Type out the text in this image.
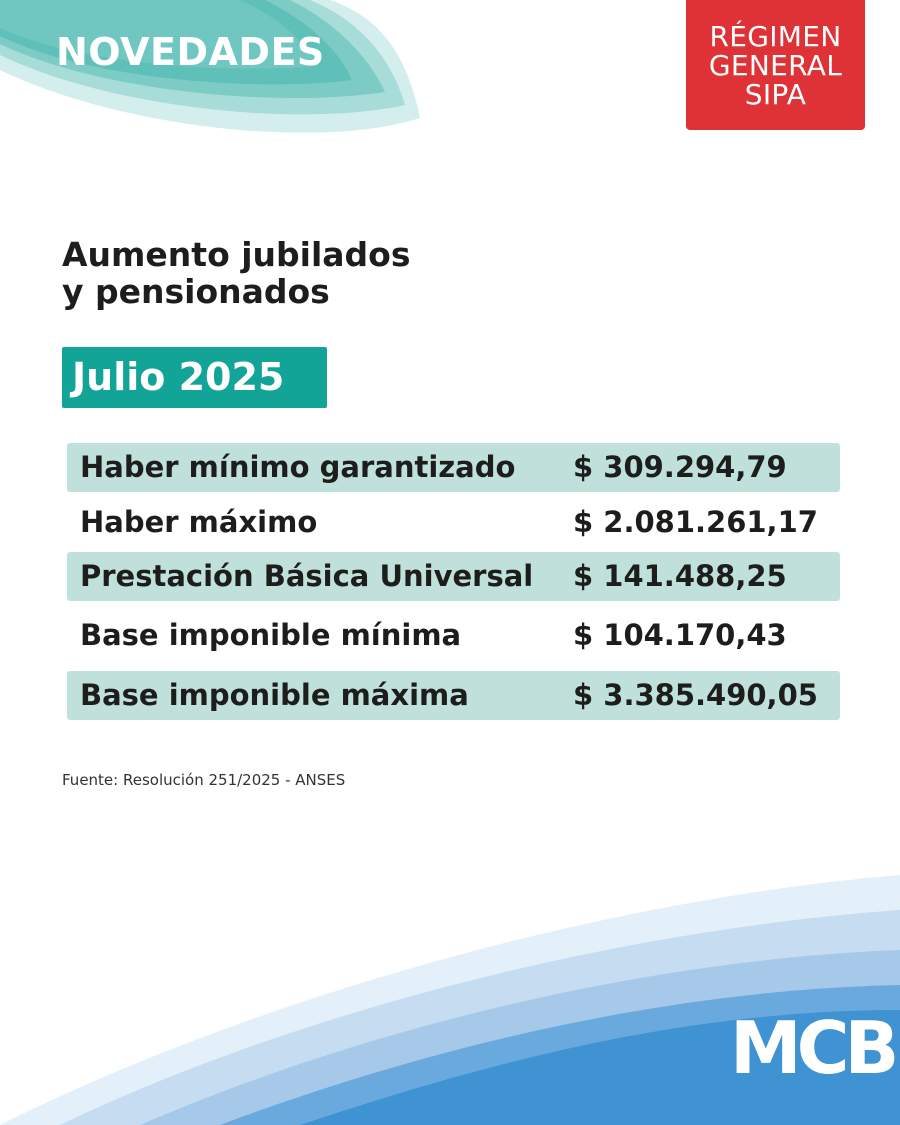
NOVEDADES	RÉGIMEN
GENERAL
SIPA
Aumento jubilados
y pensionados
Julio 2025
Haber mínimo garantizado $ 309.294,79
Haber máximo	$ 2.081.261,17
Prestación Básica Universal $ 141.488,25
Base imponible mínima	$ 104.170,43
Base imponible máxima	$ 3.385.490,05
Fuente: Resolución 251/2025 - ANSES
MCB
